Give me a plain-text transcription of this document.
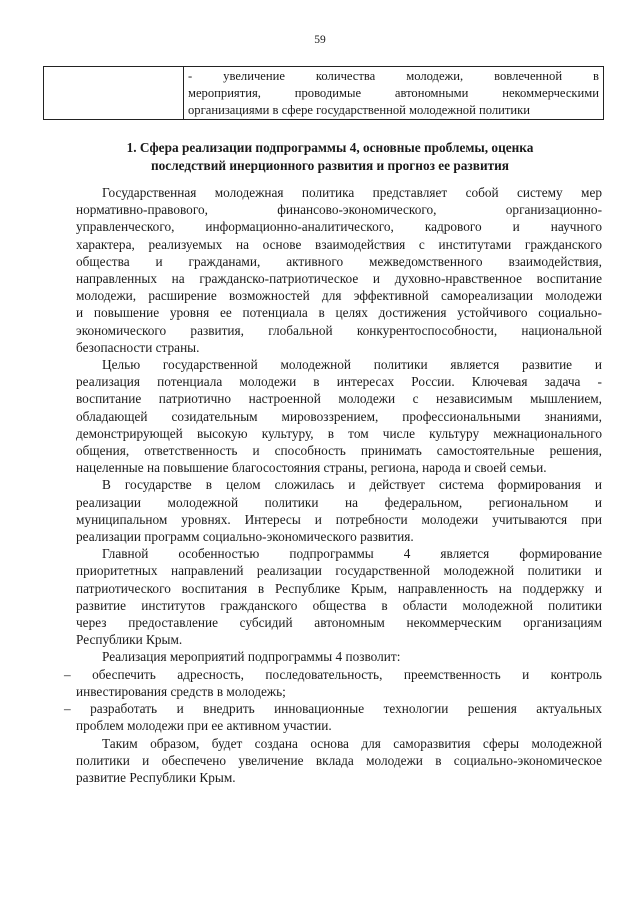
59

- увеличение количества молодежи, вовлеченной в
мероприятия, проводимые автономными некоммерческими
организациями в сфере государственной молодежной политики
1. Сфера реализации подпрограммы 4, основные проблемы, оценка
последствий инерционного развития и прогноз ее развития
Государственная молодежная политика представляет собой систему мер
нормативно-правового, финансово-экономического, организационно-
управленческого, информационно-аналитического, кадрового и научного
характера, реализуемых на основе взаимодействия с институтами гражданского
общества и гражданами, активного межведомственного взаимодействия,
направленных на гражданско-патриотическое и духовно-нравственное воспитание
молодежи, расширение возможностей для эффективной самореализации молодежи
и повышение уровня ее потенциала в целях достижения устойчивого социально-
экономического развития, глобальной конкурентоспособности, национальной
безопасности страны.
Целью государственной молодежной политики является развитие и
реализация потенциала молодежи в интересах России. Ключевая задача -
воспитание патриотично настроенной молодежи с независимым мышлением,
обладающей созидательным мировоззрением, профессиональными знаниями,
демонстрирующей высокую культуру, в том числе культуру межнационального
общения, ответственность и способность принимать самостоятельные решения,
нацеленные на повышение благосостояния страны, региона, народа и своей семьи.
В государстве в целом сложилась и действует система формирования и
реализации молодежной политики на федеральном, региональном и
муниципальном уровнях. Интересы и потребности молодежи учитываются при
реализации программ социально-экономического развития.
Главной особенностью подпрограммы 4 является формирование
приоритетных направлений реализации государственной молодежной политики и
патриотического воспитания в Республике Крым, направленность на поддержку и
развитие институтов гражданского общества в области молодежной политики
через предоставление субсидий автономным некоммерческим организациям
Республики Крым.
Реализация мероприятий подпрограммы 4 позволит:
– обеспечить адресность, последовательность, преемственность и контроль
инвестирования средств в молодежь;
– разработать и внедрить инновационные технологии решения актуальных
проблем молодежи при ее активном участии.
Таким образом, будет создана основа для саморазвития сферы молодежной
политики и обеспечено увеличение вклада молодежи в социально-экономическое
развитие Республики Крым.
